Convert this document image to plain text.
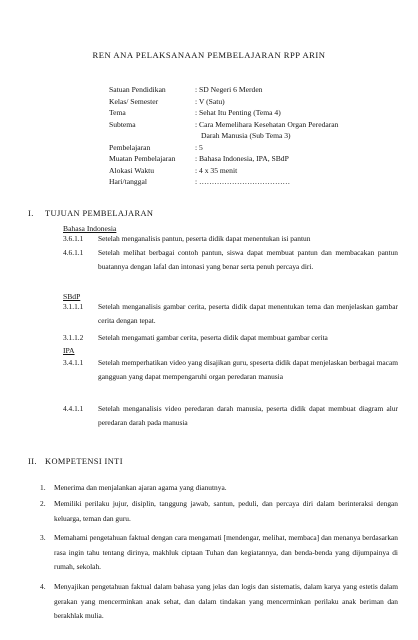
REN ANA PELAKSANAAN PEMBELAJARAN RPP ARIN
Satuan Pendidikan	: SD Negeri 6 Merden
Kelas/ Semester	: V (Satu)
Tema	: Sehat Itu Penting (Tema 4)
Subtema	: Cara Memelihara Kesehatan Organ Peredaran
Darah Manusia (Sub Tema 3)
Pembelajaran	: 5
Muatan Pembelajaran	: Bahasa Indonesia, IPA, SBdP
Alokasi Waktu	: 4 x 35 menit
Hari/tanggal	: ………………………………
I. TUJUAN PEMBELAJARAN
Bahasa Indonesia
3.6.1.1	Setelah menganalisis pantun, peserta didik dapat menentukan isi pantun
4.6.1.1	Setelah melihat berbagai contoh pantun, siswa dapat membuat pantun dan membacakan pantun buatannya dengan lafal dan intonasi yang benar serta penuh percaya diri.
SBdP
3.1.1.1	Setelah menganalisis gambar cerita, peserta didik dapat menentukan tema dan menjelaskan gambar cerita dengan tepat.
3.1.1.2	Setelah mengamati gambar cerita, peserta didik dapat membuat gambar cerita
IPA
3.4.1.1	Setelah memperhatikan video yang disajikan guru, speserta didik dapat menjelaskan berbagai macam gangguan yang dapat mempengaruhi organ peredaran manusia
4.4.1.1	Setelah menganalisis video peredaran darah manusia, peserta didik dapat membuat diagram alur peredaran darah pada manusia
II. KOMPETENSI INTI
1.	Menerima dan menjalankan ajaran agama yang dianutnya.
2.	Memiliki perilaku jujur, disiplin, tanggung jawab, santun, peduli, dan percaya diri dalam berinteraksi dengan keluarga, teman dan guru.
3.	Memahami pengetahuan faktual dengan cara mengamati [mendengar, melihat, membaca] dan menanya berdasarkan rasa ingin tahu tentang dirinya, makhluk ciptaan Tuhan dan kegiatannya, dan benda-benda yang dijumpainya di rumah, sekolah.
4.	Menyajikan pengetahuan faktual dalam bahasa yang jelas dan logis dan sistematis, dalam karya yang estetis dalam gerakan yang mencerminkan anak sehat, dan dalam tindakan yang mencerminkan perilaku anak beriman dan berakhlak mulia.
